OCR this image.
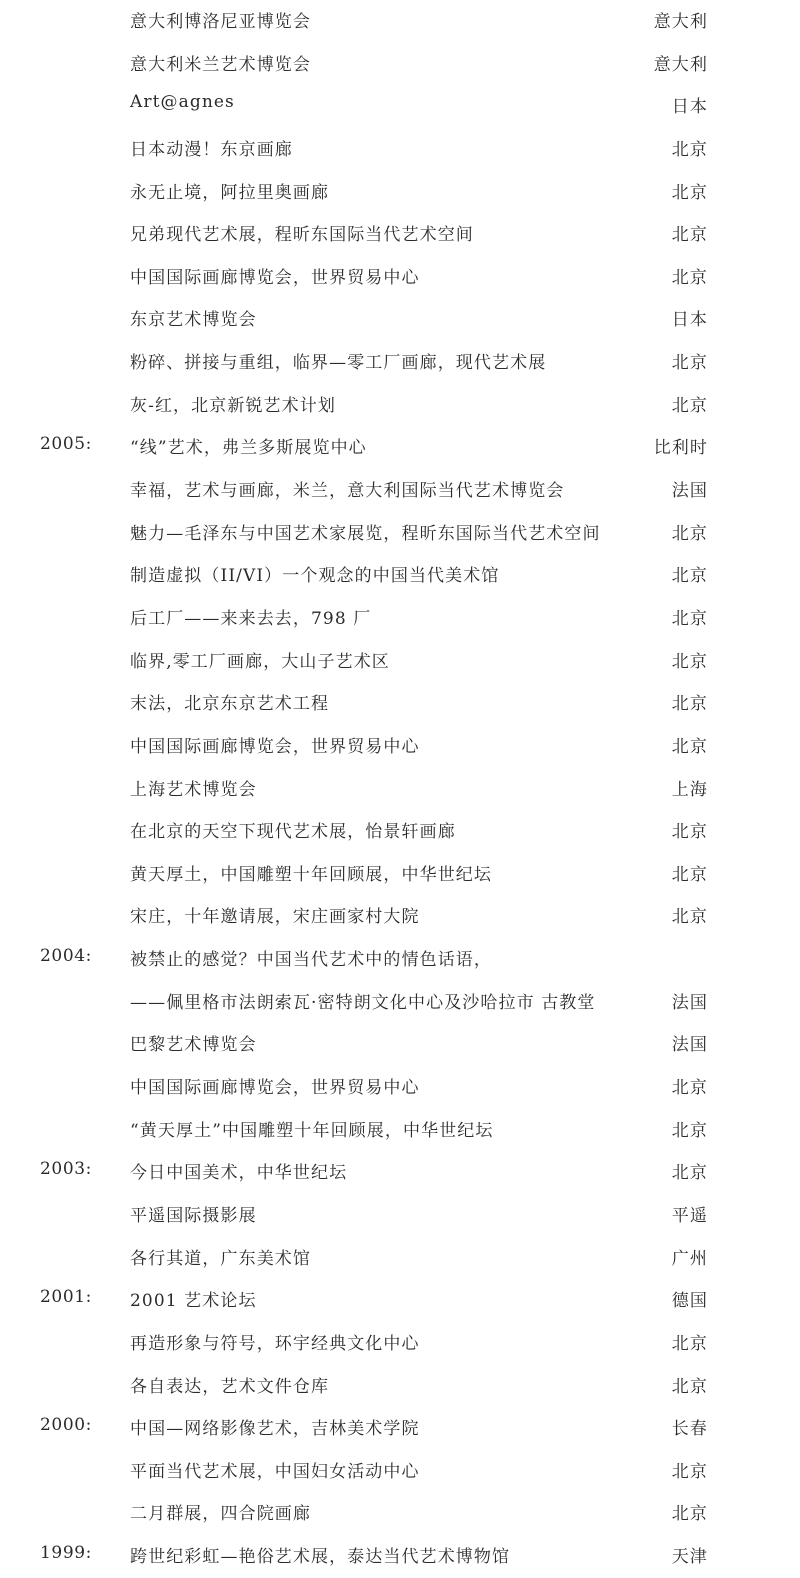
意大利博洛尼亚博览会	意大利
意大利米兰艺术博览会	意大利
Art@agnes	日本
日本动漫！东京画廊	北京
永无止境，阿拉里奥画廊	北京
兄弟现代艺术展，程昕东国际当代艺术空间	北京
中国国际画廊博览会，世界贸易中心	北京
东京艺术博览会	日本
粉碎、拼接与重组，临界—零工厂画廊，现代艺术展	北京
灰-红，北京新锐艺术计划	北京
2005: “线”艺术，弗兰多斯展览中心	比利时
幸福，艺术与画廊，米兰，意大利国际当代艺术博览会	法国
魅力—毛泽东与中国艺术家展览，程昕东国际当代艺术空间	北京
制造虚拟（II/VI）一个观念的中国当代美术馆	北京
后工厂——来来去去，798 厂	北京
临界,零工厂画廊，大山子艺术区	北京
末法，北京东京艺术工程	北京
中国国际画廊博览会，世界贸易中心	北京
上海艺术博览会	上海
在北京的天空下现代艺术展，怡景轩画廊	北京
黄天厚土，中国雕塑十年回顾展，中华世纪坛	北京
宋庄，十年邀请展，宋庄画家村大院	北京
2004: 被禁止的感觉？中国当代艺术中的情色话语，
——佩里格市法朗索瓦·密特朗文化中心及沙哈拉市 古教堂	法国
巴黎艺术博览会	法国
中国国际画廊博览会，世界贸易中心	北京
“黄天厚土”中国雕塑十年回顾展，中华世纪坛	北京
2003: 今日中国美术，中华世纪坛	北京
平遥国际摄影展	平遥
各行其道，广东美术馆	广州
2001: 2001 艺术论坛	德国
再造形象与符号，环宇经典文化中心	北京
各自表达，艺术文件仓库	北京
2000: 中国—网络影像艺术，吉林美术学院	长春
平面当代艺术展，中国妇女活动中心	北京
二月群展，四合院画廊	北京
1999: 跨世纪彩虹—艳俗艺术展，泰达当代艺术博物馆	天津
